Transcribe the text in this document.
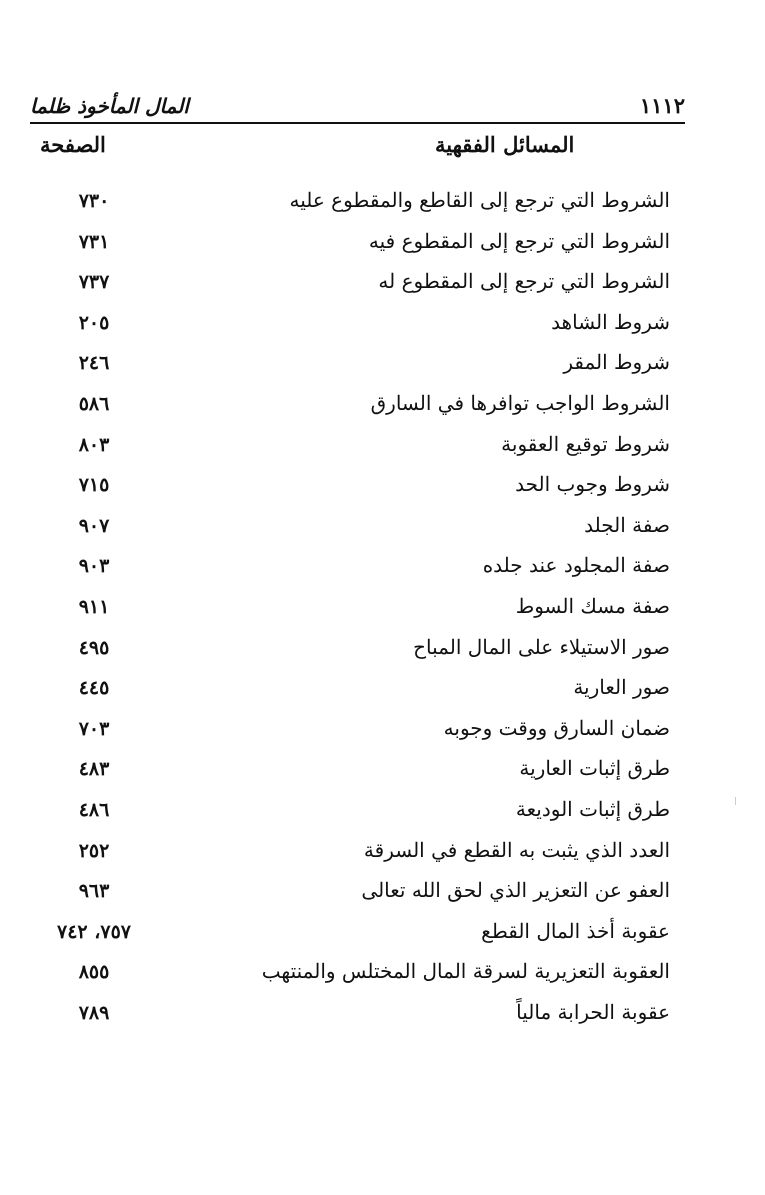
المال المأخوذ ظلما	١١١٢
الصفحة	المسائل الفقهية
٧٣٠	الشروط التي ترجع إلى القاطع والمقطوع عليه
٧٣١	الشروط التي ترجع إلى المقطوع فيه
٧٣٧	الشروط التي ترجع إلى المقطوع له
٢٠٥	شروط الشاهد
٢٤٦	شروط المقر
٥٨٦	الشروط الواجب توافرها في السارق
٨٠٣	شروط توقيع العقوبة
٧١٥	شروط وجوب الحد
٩٠٧	صفة الجلد
٩٠٣	صفة المجلود عند جلده
٩١١	صفة مسك السوط
٤٩٥	صور الاستيلاء على المال المباح
٤٤٥	صور العارية
٧٠٣	ضمان السارق ووقت وجوبه
٤٨٣	طرق إثبات العارية
٤٨٦	طرق إثبات الوديعة
٢٥٢	العدد الذي يثبت به القطع في السرقة
٩٦٣	العفو عن التعزير الذي لحق الله تعالى
٧٥٧، ٧٤٢	عقوبة أخذ المال القطع
٨٥٥	العقوبة التعزيرية لسرقة المال المختلس والمنتهب
٧٨٩	عقوبة الحرابة مالياً
